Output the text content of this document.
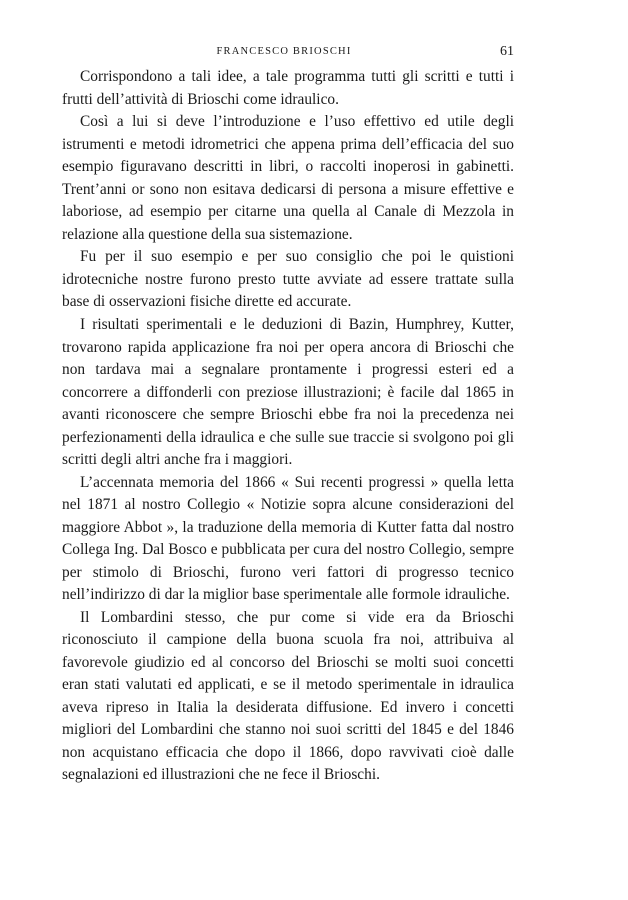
FRANCESCO BRIOSCHI	61

Corrispondono a tali idee, a tale programma tutti gli scritti e tutti i frutti dell’attività di Brioschi come idraulico.

Così a lui si deve l’introduzione e l’uso effettivo ed utile degli istrumenti e metodi idrometrici che appena prima dell’efficacia del suo esempio figuravano descritti in libri, o raccolti inoperosi in gabinetti. Trent’anni or sono non esitava dedicarsi di persona a misure effettive e laboriose, ad esempio per citarne una quella al Canale di Mezzola in relazione alla questione della sua sistemazione.

Fu per il suo esempio e per suo consiglio che poi le quistioni idrotecniche nostre furono presto tutte avviate ad essere trattate sulla base di osservazioni fisiche dirette ed accurate.

I risultati sperimentali e le deduzioni di Bazin, Humphrey, Kutter, trovarono rapida applicazione fra noi per opera ancora di Brioschi che non tardava mai a segnalare prontamente i progressi esteri ed a concorrere a diffonderli con preziose illustrazioni; è facile dal 1865 in avanti riconoscere che sempre Brioschi ebbe fra noi la precedenza nei perfezionamenti della idraulica e che sulle sue traccie si svolgono poi gli scritti degli altri anche fra i maggiori.

L’accennata memoria del 1866 « Sui recenti progressi » quella letta nel 1871 al nostro Collegio « Notizie sopra alcune considerazioni del maggiore Abbot », la traduzione della memoria di Kutter fatta dal nostro Collega Ing. Dal Bosco e pubblicata per cura del nostro Collegio, sempre per stimolo di Brioschi, furono veri fattori di progresso tecnico nell’indirizzo di dar la miglior base sperimentale alle formole idrauliche.

Il Lombardini stesso, che pur come si vide era da Brioschi riconosciuto il campione della buona scuola fra noi, attribuiva al favorevole giudizio ed al concorso del Brioschi se molti suoi concetti eran stati valutati ed applicati, e se il metodo sperimentale in idraulica aveva ripreso in Italia la desiderata diffusione. Ed invero i concetti migliori del Lombardini che stanno noi suoi scritti del 1845 e del 1846 non acquistano efficacia che dopo il 1866, dopo ravvivati cioè dalle segnalazioni ed illustrazioni che ne fece il Brioschi.
